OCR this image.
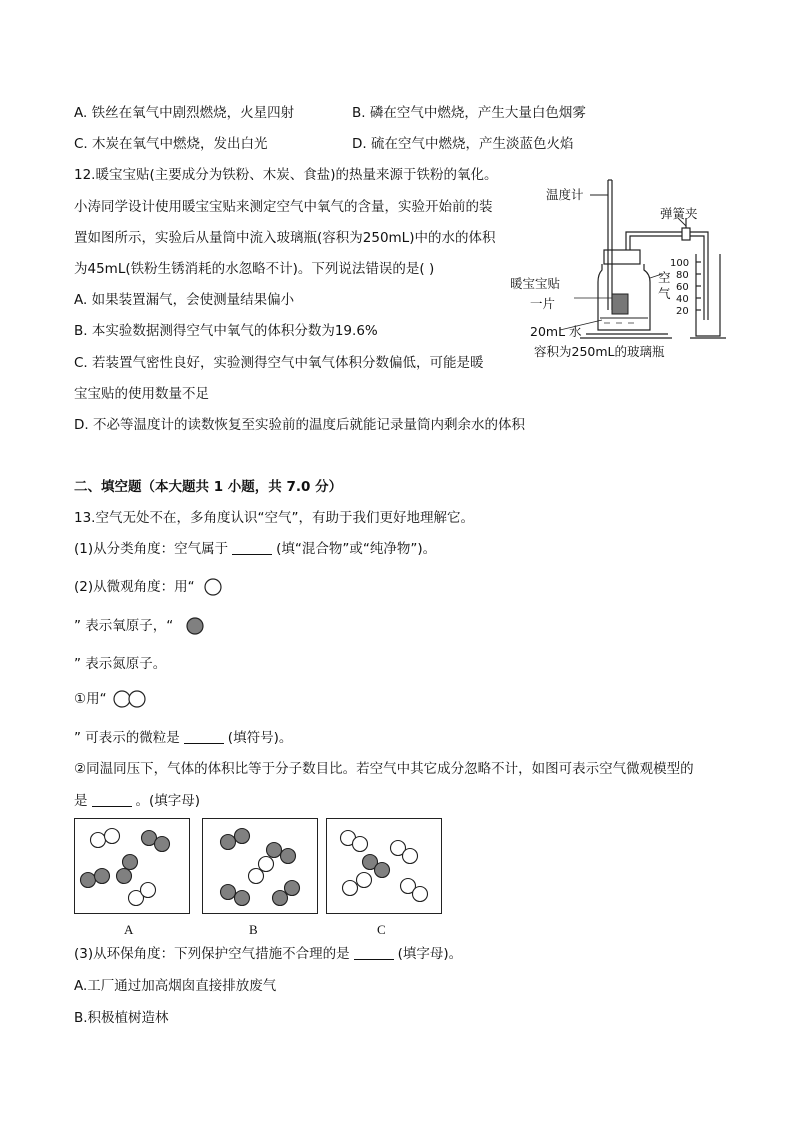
A. 铁丝在氧气中剧烈燃烧，火星四射	B. 磷在空气中燃烧，产生大量白色烟雾
C. 木炭在氧气中燃烧，发出白光	D. 硫在空气中燃烧，产生淡蓝色火焰
12.暖宝宝贴(主要成分为铁粉、木炭、食盐)的热量来源于铁粉的氧化。
小涛同学设计使用暖宝宝贴来测定空气中氧气的含量，实验开始前的装
置如图所示，实验后从量筒中流入玻璃瓶(容积为250mL)中的水的体积
为45mL(铁粉生锈消耗的水忽略不计)。下列说法错误的是( )
A. 如果装置漏气，会使测量结果偏小
B. 本实验数据测得空气中氧气的体积分数为19.6%
C. 若装置气密性良好，实验测得空气中氧气体积分数偏低，可能是暖
宝宝贴的使用数量不足
D. 不必等温度计的读数恢复至实验前的温度后就能记录量筒内剩余水的体积
温度计
弹簧夹
暖宝宝贴
一片
空
气
20mL 水
容积为250mL的玻璃瓶
100
80
60
40
20
二、填空题（本大题共 1 小题，共 7.0 分）
13.空气无处不在，多角度认识“空气”，有助于我们更好地理解它。
(1)从分类角度：空气属于	(填“混合物”或“纯净物”)。
(2)从微观角度：用“
” 表示氧原子，“
” 表示氮原子。
①用“
” 可表示的微粒是	(填符号)。
②同温同压下，气体的体积比等于分子数目比。若空气中其它成分忽略不计，如图可表示空气微观模型的
是	。(填字母)
A	B	C
(3)从环保角度：下列保护空气措施不合理的是	(填字母)。
A.工厂通过加高烟囱直接排放废气
B.积极植树造林
